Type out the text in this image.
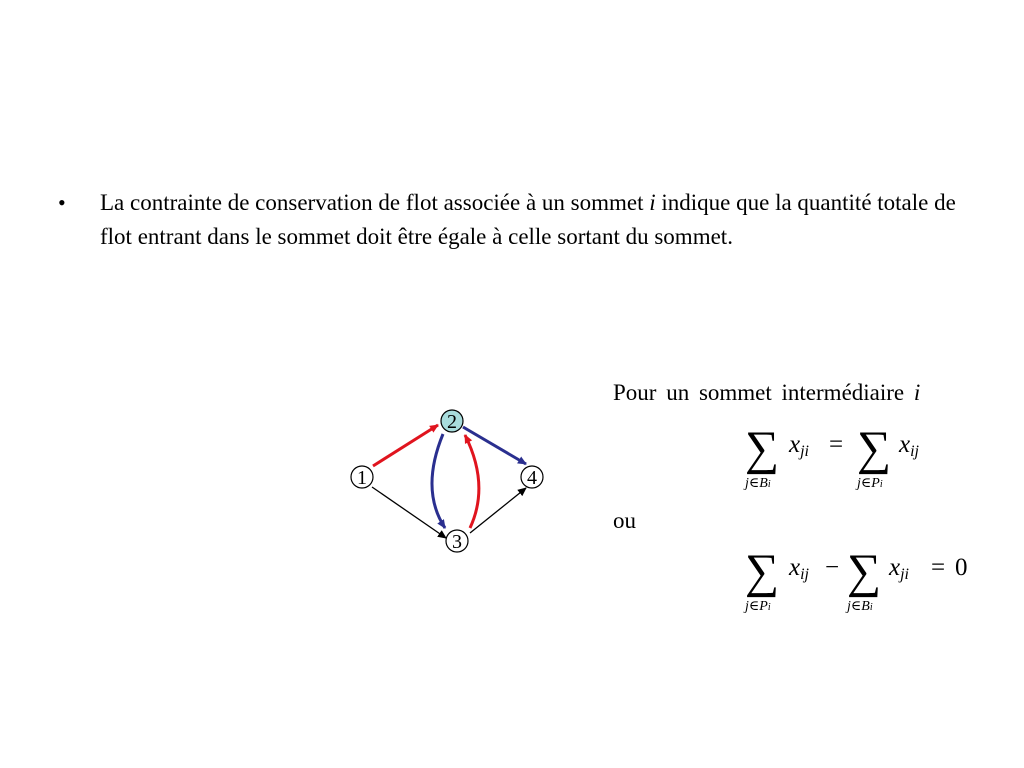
• La contrainte de conservation de flot associée à un sommet i indique que la quantité totale de flot entrant dans le sommet doit être égale à celle sortant du sommet.
1
2
3
4
Pour un sommet intermédiaire i
∑
j∈Bi
$x_{ji}$ = ∑
j∈Pi
$x_{ij}$
ou
∑
j∈Pi
$x_{ij}$ − ∑
j∈Bi
$x_{ji} = 0$
